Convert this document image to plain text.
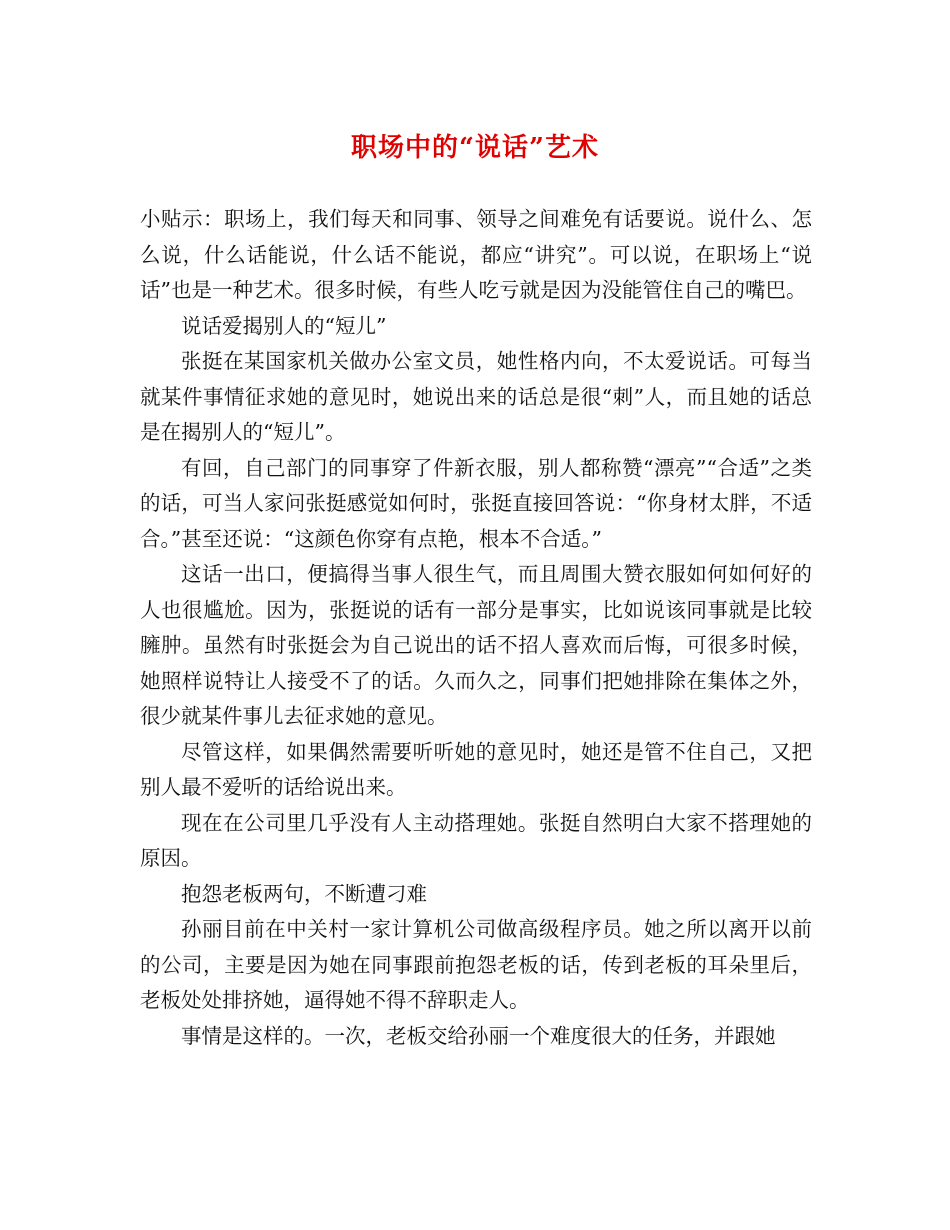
职场中的“说话”艺术

小贴示：职场上，我们每天和同事、领导之间难免有话要说。说什么、怎么说，什么话能说，什么话不能说，都应“讲究”。可以说，在职场上“说话”也是一种艺术。很多时候，有些人吃亏就是因为没能管住自己的嘴巴。

说话爱揭别人的“短儿”

张挺在某国家机关做办公室文员，她性格内向，不太爱说话。可每当就某件事情征求她的意见时，她说出来的话总是很“刺”人，而且她的话总是在揭别人的“短儿”。

有回，自己部门的同事穿了件新衣服，别人都称赞“漂亮”“合适”之类的话，可当人家问张挺感觉如何时，张挺直接回答说：“你身材太胖，不适合。”甚至还说：“这颜色你穿有点艳，根本不合适。”

这话一出口，便搞得当事人很生气，而且周围大赞衣服如何如何好的人也很尴尬。因为，张挺说的话有一部分是事实，比如说该同事就是比较臃肿。虽然有时张挺会为自己说出的话不招人喜欢而后悔，可很多时候，她照样说特让人接受不了的话。久而久之，同事们把她排除在集体之外，很少就某件事儿去征求她的意见。

尽管这样，如果偶然需要听听她的意见时，她还是管不住自己，又把别人最不爱听的话给说出来。

现在在公司里几乎没有人主动搭理她。张挺自然明白大家不搭理她的原因。

抱怨老板两句，不断遭刁难

孙丽目前在中关村一家计算机公司做高级程序员。她之所以离开以前的公司，主要是因为她在同事跟前抱怨老板的话，传到老板的耳朵里后，老板处处排挤她，逼得她不得不辞职走人。

事情是这样的。一次，老板交给孙丽一个难度很大的任务，并跟她
